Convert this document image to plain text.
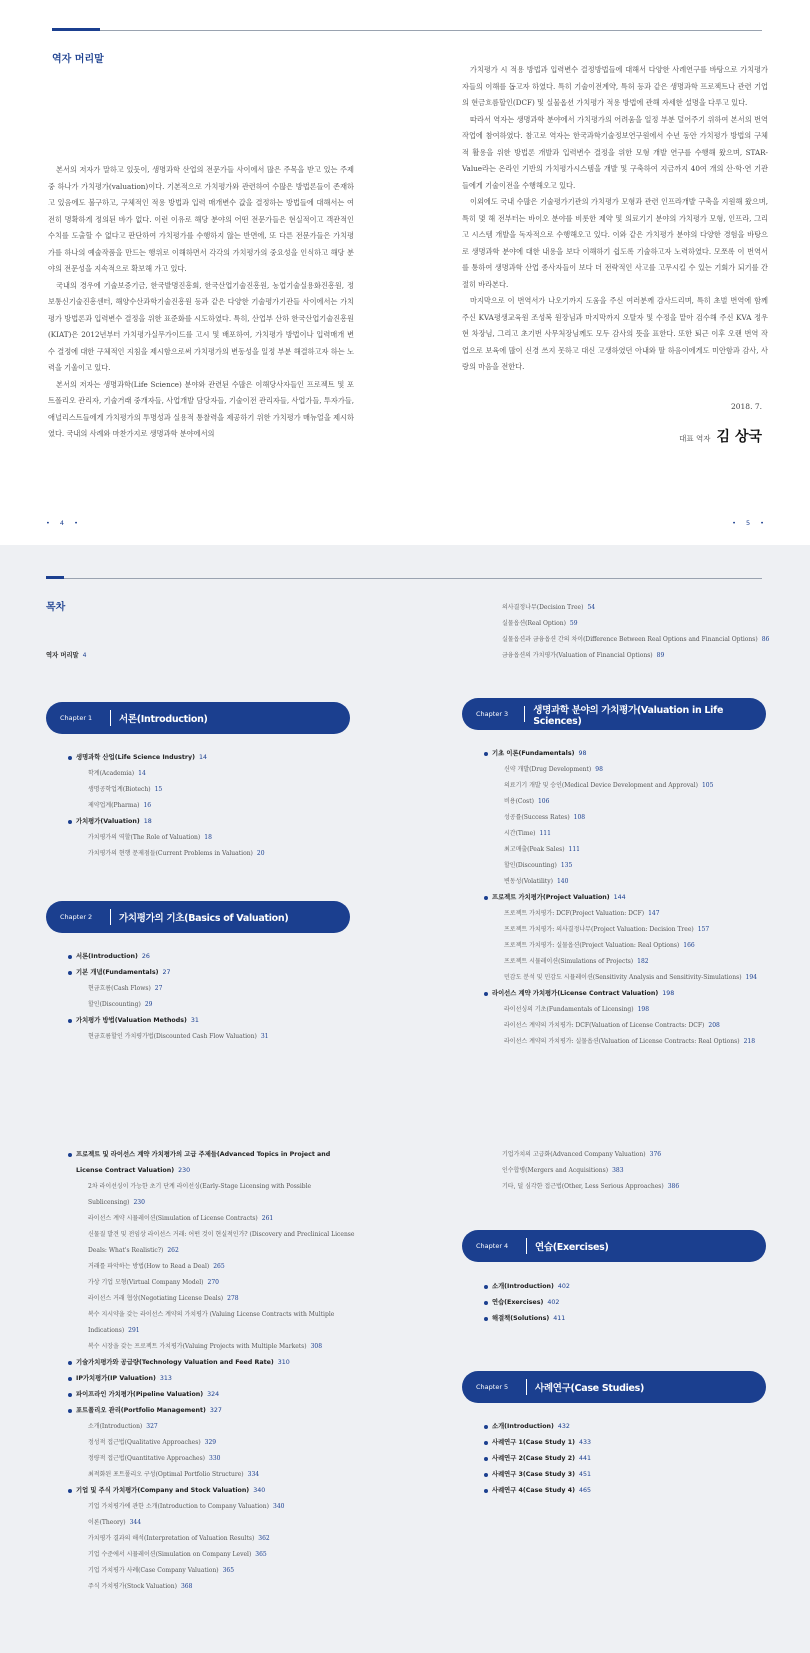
역자 머리말

본서의 저자가 말하고 있듯이, 생명과학 산업의 전문가들 사이에서 많은 주목을 받고 있는 주제 중 하나가 가치평가(valuation)이다. 기본적으로 가치평가와 관련하여 수많은 방법론들이 존재하고 있음에도 불구하고, 구체적인 적용 방법과 입력 매개변수 값을 결정하는 방법들에 대해서는 여전히 명확하게 정의된 바가 없다. 이런 이유로 해당 분야의 어떤 전문가들은 현실적이고 객관적인 수치를 도출할 수 없다고 판단하여 가치평가를 수행하지 않는 반면에, 또 다른 전문가들은 가치평가를 하나의 예술작품을 만드는 행위로 이해하면서 각각의 가치평가의 중요성을 인식하고 해당 분야의 전문성을 지속적으로 확보해 가고 있다.

국내의 경우에 기술보증기금, 한국발명진흥회, 한국산업기술진흥원, 농업기술실용화진흥원, 정보통신기술진흥센터, 해양수산과학기술진흥원 등과 같은 다양한 기술평가기관들 사이에서는 가치평가 방법론과 입력변수 결정을 위한 표준화를 시도하였다. 특히, 산업부 산하 한국산업기술진흥원(KIAT)은 2012년부터 가치평가실무가이드를 고시 및 배포하여, 가치평가 방법이나 입력매개 변수 결정에 대한 구체적인 지침을 제시함으로써 가치평가의 변동성을 일정 부분 해결하고자 하는 노력을 기울이고 있다.

본서의 저자는 생명과학(Life Science) 분야와 관련된 수많은 이해당사자들인 프로젝트 및 포트폴리오 관리자, 기술거래 중개자들, 사업개발 담당자들, 기술이전 관리자들, 사업가들, 투자가들, 애널리스트들에게 가치평가의 투명성과 실용적 통찰력을 제공하기 위한 가치평가 매뉴얼을 제시하였다. 국내의 사례와 마찬가지로 생명과학 분야에서의

가치평가 시 적용 방법과 입력변수 결정방법들에 대해서 다양한 사례연구를 바탕으로 가치평가자들의 이해를 돕고자 하였다. 특히 기술이전계약, 특허 등과 같은 생명과학 프로젝트나 관련 기업의 현금흐름할인(DCF) 및 실물옵션 가치평가 적용 방법에 관해 자세한 설명을 다루고 있다.

따라서 역자는 생명과학 분야에서 가치평가의 어려움을 일정 부분 덜어주기 위하여 본서의 번역 작업에 참여하였다. 참고로 역자는 한국과학기술정보연구원에서 수년 동안 가치평가 방법의 구체적 활용을 위한 방법론 개발과 입력변수 결정을 위한 모형 개발 연구를 수행해 왔으며, STAR-Value라는 온라인 기반의 가치평가시스템을 개발 및 구축하여 지금까지 40여 개의 산·학·연 기관들에게 기술이전을 수행해오고 있다.

이외에도 국내 수많은 기술평가기관의 가치평가 모형과 관련 인프라개발 구축을 지원해 왔으며, 특히 몇 해 전부터는 바이오 분야를 비롯한 제약 및 의료기기 분야의 가치평가 모형, 인프라, 그리고 시스템 개발을 독자적으로 수행해오고 있다. 이와 같은 가치평가 분야의 다양한 경험을 바탕으로 생명과학 분야에 대한 내용을 보다 이해하기 쉽도록 기술하고자 노력하였다. 모쪼록 이 번역서를 통하여 생명과학 산업 종사자들이 보다 더 전략적인 사고를 고무시킬 수 있는 기회가 되기를 간절히 바라본다.

마지막으로 이 번역서가 나오기까지 도움을 주신 여러분께 감사드리며, 특히 초벌 번역에 함께 주신 KVA평생교육원 조성복 원장님과 마지막까지 오탈자 및 수정을 맡아 검수해 주신 KVA 정우현 차장님, 그리고 초기번 사무처장님께도 모두 감사의 뜻을 표한다. 또한 퇴근 이후 오랜 번역 작업으로 보육에 많이 신경 쓰지 못하고 대신 고생하였던 아내와 딸 하음이에게도 미안함과 감사, 사랑의 마음을 전한다.

2018. 7.
대표 역자 김 상국
• 4 •	• 5 •
목차
역자 머리말 4
Chapter 1	서론(Introduction)
생명과학 산업(Life Science Industry) 14
학계(Academia) 14
생명공학업계(Biotech) 15
제약업계(Pharma) 16
가치평가(Valuation) 18
가치평가의 역할(The Role of Valuation) 18
가치평가의 현행 문제점들(Current Problems in Valuation) 20
Chapter 2	가치평가의 기초(Basics of Valuation)
서론(Introduction) 26
기본 개념(Fundamentals) 27
현금흐름(Cash Flows) 27
할인(Discounting) 29
가치평가 방법(Valuation Methods) 31
현금흐름할인 가치평가법(Discounted Cash Flow Valuation) 31
의사결정나무(Decision Tree) 54
실물옵션(Real Option) 59
실물옵션과 금융옵션 간의 차이(Difference Between Real Options and Financial Options) 86
금융옵션의 가치평가(Valuation of Financial Options) 89
Chapter 3	생명과학 분야의 가치평가(Valuation in Life Sciences)
기초 이론(Fundamentals) 98
신약 개발(Drug Development) 98
의료기기 개발 및 승인(Medical Device Development and Approval) 105
비용(Cost) 106
성공률(Success Rates) 108
시간(Time) 111
최고매출(Peak Sales) 111
할인(Discounting) 135
변동성(Volatility) 140
프로젝트 가치평가(Project Valuation) 144
프로젝트 가치평가: DCF(Project Valuation: DCF) 147
프로젝트 가치평가: 의사결정나무(Project Valuation: Decision Tree) 157
프로젝트 가치평가: 실물옵션(Project Valuation: Real Options) 166
프로젝트 시뮬레이션(Simulations of Projects) 182
민감도 분석 및 민감도 시뮬레이션(Sensitivity Analysis and Sensitivity-Simulations) 194
라이선스 계약 가치평가(License Contract Valuation) 198
라이선싱의 기초(Fundamentals of Licensing) 198
라이선스 계약의 가치평가: DCF(Valuation of License Contracts: DCF) 208
라이선스 계약의 가치평가: 실물옵션(Valuation of License Contracts: Real Options) 218
프로젝트 및 라이선스 계약 가치평가의 고급 주제들(Advanced Topics in Project and License Contract Valuation) 230
2차 라이선싱이 가능한 초기 단계 라이선싱(Early-Stage Licensing with Possible Sublicensing) 230
라이선스 계약 시뮬레이션(Simulation of License Contracts) 261
신물질 발견 및 전임상 라이선스 거래: 어떤 것이 현실적인가? (Discovery and Preclinical License Deals: What's Realistic?) 262
거래를 파악하는 방법(How to Read a Deal) 265
가상 기업 모형(Virtual Company Model) 270
라이선스 거래 협상(Negotiating License Deals) 278
복수 지시약을 갖는 라이선스 계약의 가치평가 (Valuing License Contracts with Multiple Indications) 291
복수 시장을 갖는 프로젝트 가치평가(Valuing Projects with Multiple Markets) 308
기술가치평가와 공급량(Technology Valuation and Feed Rate) 310
IP가치평가(IP Valuation) 313
파이프라인 가치평가(Pipeline Valuation) 324
포트폴리오 관리(Portfolio Management) 327
소개(Introduction) 327
정성적 접근법(Qualitative Approaches) 329
정량적 접근법(Quantitative Approaches) 330
최적화된 포트폴리오 구성(Optimal Portfolio Structure) 334
기업 및 주식 가치평가(Company and Stock Valuation) 340
기업 가치평가에 관한 소개(Introduction to Company Valuation) 340
이론(Theory) 344
가치평가 결과의 해석(Interpretation of Valuation Results) 362
기업 수준에서 시뮬레이션(Simulation on Company Level) 365
기업 가치평가 사례(Case Company Valuation) 365
주식 가치평가(Stock Valuation) 368
기업가치의 고급화(Advanced Company Valuation) 376
인수합병(Mergers and Acquisitions) 383
기타, 덜 심각한 접근법(Other, Less Serious Approaches) 386
Chapter 4	연습(Exercises)
소개(Introduction) 402
연습(Exercises) 402
해결책(Solutions) 411
Chapter 5	사례연구(Case Studies)
소개(Introduction) 432
사례연구 1(Case Study 1) 433
사례연구 2(Case Study 2) 441
사례연구 3(Case Study 3) 451
사례연구 4(Case Study 4) 465
